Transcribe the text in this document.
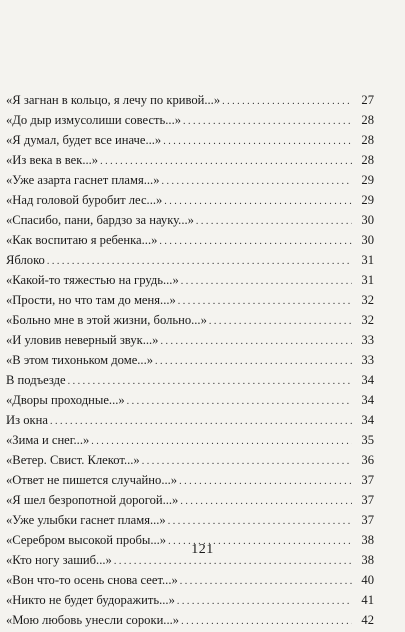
«Я загнан в кольцо, я лечу по кривой...» . . .	27
«До дыр измусолиши совесть...» . . .	28
«Я думал, будет все иначе...» . . .	28
«Из века в век...» . . .	28
«Уже азарта гаснет пламя...» . . .	29
«Над головой буробит лес...» . . .	29
«Спасибо, пани, бардзо за науку...» . . .	30
«Как воспитаю я ребенка...» . . .	30
Яблоко . . .	31
«Какой-то тяжестью на грудь...» . . .	31
«Прости, но что там до меня...» . . .	32
«Больно мне в этой жизни, больно...» . . .	32
«И уловив неверный звук...» . . .	33
«В этом тихоньком доме...» . . .	33
В подъезде . . .	34
«Дворы проходные...» . . .	34
Из окна . . .	34
«Зима и снег...» . . .	35
«Ветер. Свист. Клекот...» . . .	36
«Ответ не пишется случайно...» . . .	37
«Я шел безропотной дорогой...» . . .	37
«Уже улыбки гаснет пламя...» . . .	37
«Серебром высокой пробы...» . . .	38
«Кто ногу зашиб...» . . .	38
«Вон что-то осень снова сеет...» . . .	40
«Никто не будет будоражить...» . . .	41
«Мою любовь унесли сороки...» . . .	42
121
